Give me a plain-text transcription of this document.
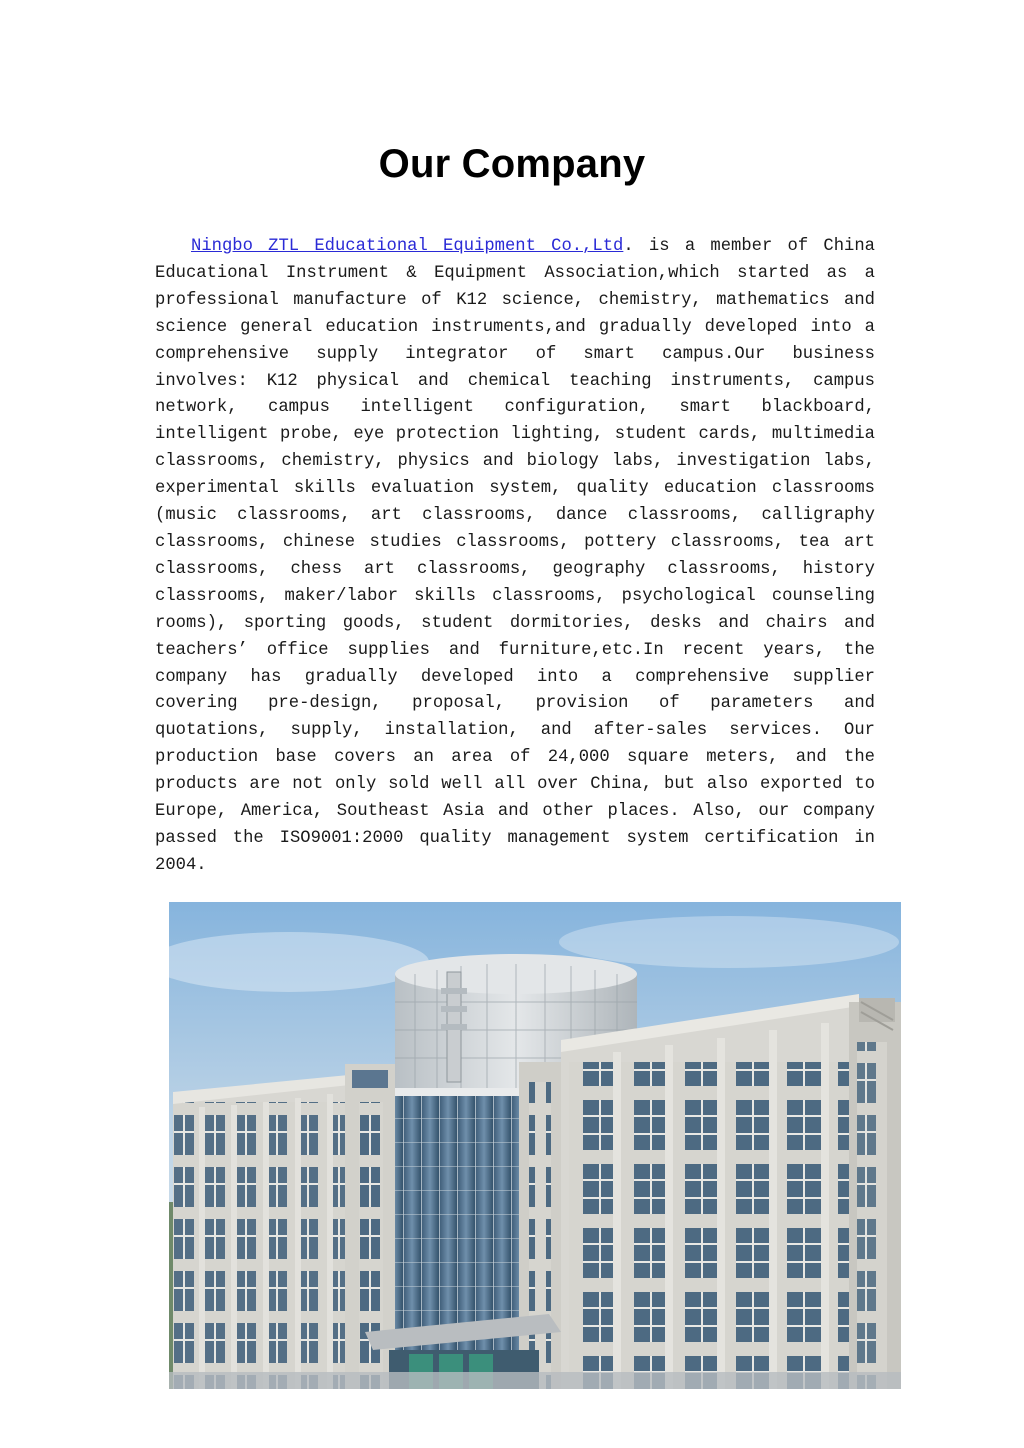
Our Company

Ningbo ZTL Educational Equipment Co.,Ltd. is a member of China Educational Instrument & Equipment Association,which started as a professional manufacture of K12 science, chemistry, mathematics and science general education instruments,and gradually developed into a comprehensive supply integrator of smart campus.Our business involves: K12 physical and chemical teaching instruments, campus network, campus intelligent configuration, smart blackboard, intelligent probe, eye protection lighting, student cards, multimedia classrooms, chemistry, physics and biology labs, investigation labs, experimental skills evaluation system, quality education classrooms (music classrooms, art classrooms, dance classrooms, calligraphy classrooms, chinese studies classrooms, pottery classrooms, tea art classrooms, chess art classrooms, geography classrooms, history classrooms, maker/labor skills classrooms, psychological counseling rooms), sporting goods, student dormitories, desks and chairs and teachers’ office supplies and furniture,etc.In recent years, the company has gradually developed into a comprehensive supplier covering pre-design, proposal, provision of parameters and quotations, supply, installation, and after-sales services. Our production base covers an area of 24,000 square meters, and the products are not only sold well all over China, but also exported to Europe, America, Southeast Asia and other places. Also, our company passed the ISO9001:2000 quality management system certification in 2004.
